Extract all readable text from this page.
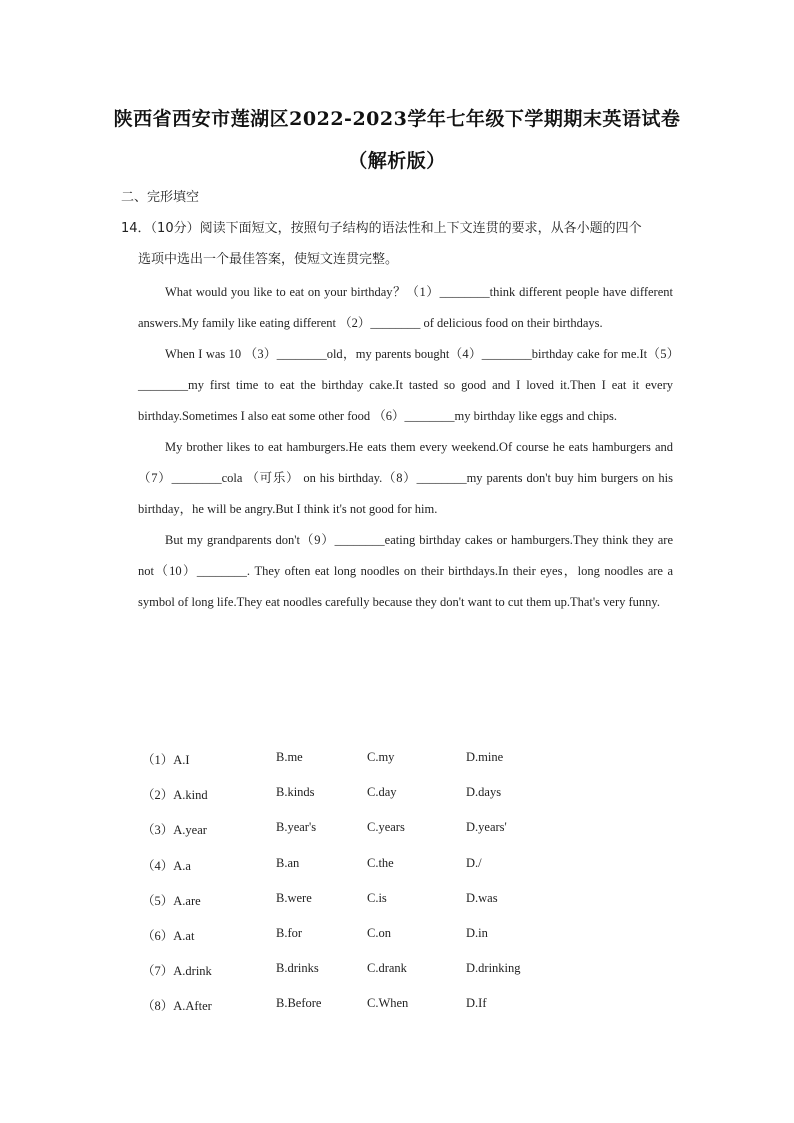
陕西省西安市莲湖区2022-2023学年七年级下学期期末英语试卷
（解析版）
二、完形填空
14．（10分）阅读下面短文，按照句子结构的语法性和上下文连贯的要求，从各小题的四个
选项中选出一个最佳答案，使短文连贯完整。

What would you like to eat on your birthday？（1）________think different people have different answers.My family like eating different （2）________ of delicious food on their birthdays.

When I was 10 （3）________old，my parents bought（4）________birthday cake for me.It（5）________my first time to eat the birthday cake.It tasted so good and I loved it.Then I eat it every birthday.Sometimes I also eat some other food （6）________my birthday like eggs and chips.

My brother likes to eat hamburgers.He eats them every weekend.Of course he eats hamburgers and （7）________cola （可乐） on his birthday.（8）________my parents don't buy him burgers on his birthday，he will be angry.But I think it's not good for him.

But my grandparents don't（9）________eating birthday cakes or hamburgers.They think they are not（10）________. They often eat long noodles on their birthdays.In their eyes，long noodles are a symbol of long life.They eat noodles carefully because they don't want to cut them up.That's very funny.

（1）A.I	B.me	C.my	D.mine
（2）A.kind	B.kinds	C.day	D.days
（3）A.year	B.year's	C.years	D.years'
（4）A.a	B.an	C.the	D./
（5）A.are	B.were	C.is	D.was
（6）A.at	B.for	C.on	D.in
（7）A.drink	B.drinks	C.drank	D.drinking
（8）A.After	B.Before	C.When	D.If
